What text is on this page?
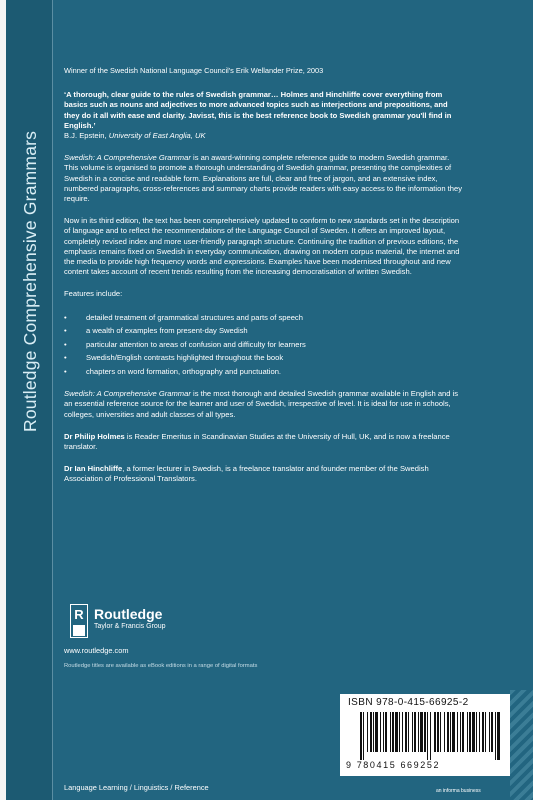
Routledge Comprehensive Grammars
Winner of the Swedish National Language Council's Erik Wellander Prize, 2003
‘A thorough, clear guide to the rules of Swedish grammar… Holmes and Hinchliffe cover everything from basics such as nouns and adjectives to more advanced topics such as interjections and prepositions, and they do it all with ease and clarity. Javisst, this is the best reference book to Swedish grammar you'll find in English.’
B.J. Epstein, University of East Anglia, UK

Swedish: A Comprehensive Grammar is an award-winning complete reference guide to modern Swedish grammar. This volume is organised to promote a thorough understanding of Swedish grammar, presenting the complexities of Swedish in a concise and readable form. Explanations are full, clear and free of jargon, and an extensive index, numbered paragraphs, cross-references and summary charts provide readers with easy access to the information they require.

Now in its third edition, the text has been comprehensively updated to conform to new standards set in the description of language and to reflect the recommendations of the Language Council of Sweden. It offers an improved layout, completely revised index and more user-friendly paragraph structure. Continuing the tradition of previous editions, the emphasis remains fixed on Swedish in everyday communication, drawing on modern corpus material, the internet and the media to provide high frequency words and expressions. Examples have been modernised throughout and new content takes account of recent trends resulting from the increasing democratisation of written Swedish.

Features include:

• detailed treatment of grammatical structures and parts of speech
• a wealth of examples from present-day Swedish
• particular attention to areas of confusion and difficulty for learners
• Swedish/English contrasts highlighted throughout the book
• chapters on word formation, orthography and punctuation.

Swedish: A Comprehensive Grammar is the most thorough and detailed Swedish grammar available in English and is an essential reference source for the learner and user of Swedish, irrespective of level. It is ideal for use in schools, colleges, universities and adult classes of all types.

Dr Philip Holmes is Reader Emeritus in Scandinavian Studies at the University of Hull, UK, and is now a freelance translator.

Dr Ian Hinchliffe, a former lecturer in Swedish, is a freelance translator and founder member of the Swedish Association of Professional Translators.

R Routledge
Taylor & Francis Group
www.routledge.com
Routledge titles are available as eBook editions in a range of digital formats
ISBN 978-0-415-66925-2
9 780415 669252
Language Learning / Linguistics / Reference	an informa business
